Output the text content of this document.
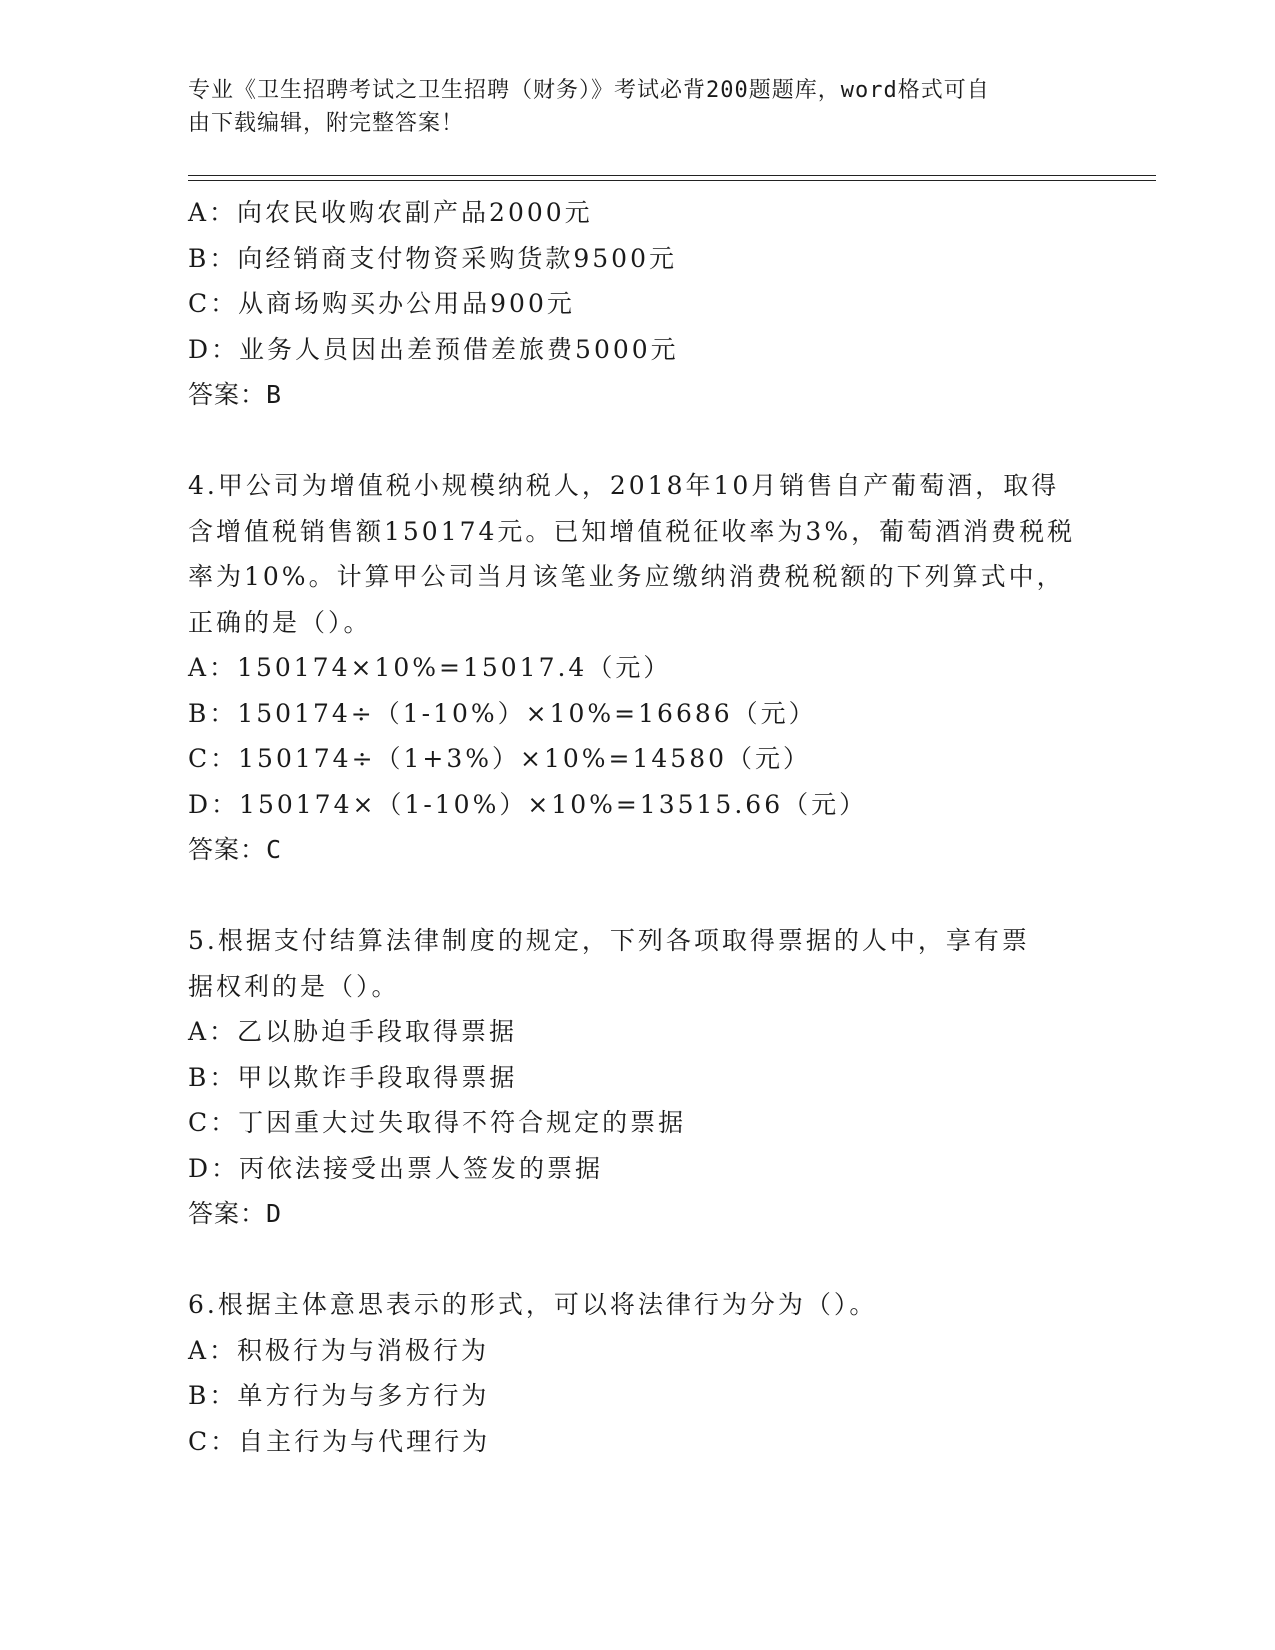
专业《卫生招聘考试之卫生招聘（财务）》考试必背200题题库，word格式可自
由下载编辑，附完整答案！
A：向农民收购农副产品2000元
B：向经销商支付物资采购货款9500元
C：从商场购买办公用品900元
D：业务人员因出差预借差旅费5000元
答案：B
4.甲公司为增值税小规模纳税人，2018年10月销售自产葡萄酒，取得
含增值税销售额150174元。已知增值税征收率为3%，葡萄酒消费税税
率为10%。计算甲公司当月该笔业务应缴纳消费税税额的下列算式中，
正确的是（）。
A：150174×10%=15017.4（元）
B：150174÷（1-10%）×10%=16686（元）
C：150174÷（1+3%）×10%=14580（元）
D：150174×（1-10%）×10%=13515.66（元）
答案：C
5.根据支付结算法律制度的规定，下列各项取得票据的人中，享有票
据权利的是（）。
A：乙以胁迫手段取得票据
B：甲以欺诈手段取得票据
C：丁因重大过失取得不符合规定的票据
D：丙依法接受出票人签发的票据
答案：D
6.根据主体意思表示的形式，可以将法律行为分为（）。
A：积极行为与消极行为
B：单方行为与多方行为
C：自主行为与代理行为
